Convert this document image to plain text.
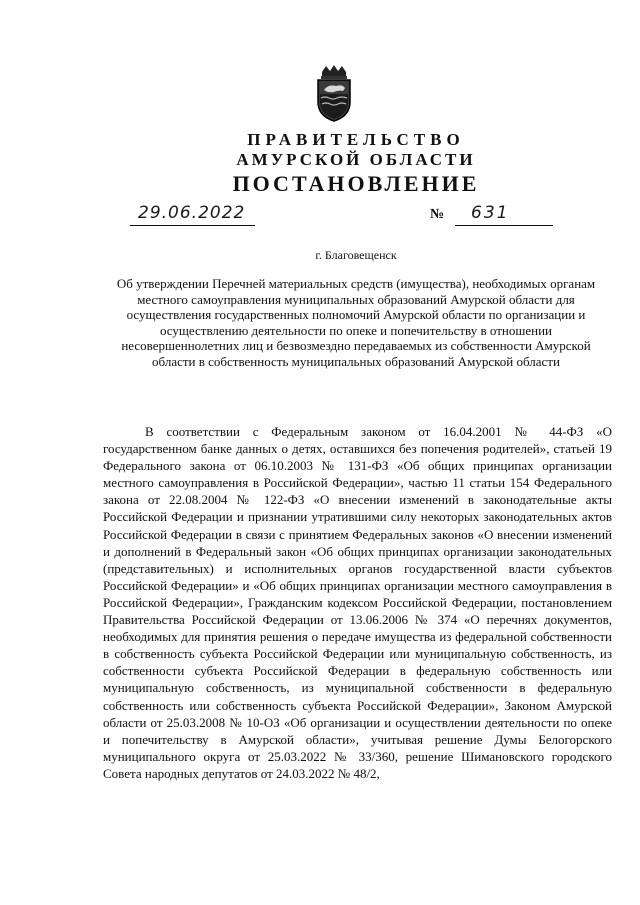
ПРАВИТЕЛЬСТВО
АМУРСКОЙ ОБЛАСТИ
ПОСТАНОВЛЕНИЕ
29.06.2022	№ 631
г. Благовещенск
Об утверждении Перечней материальных средств (имущества), необходимых органам местного самоуправления муниципальных образований Амурской области для осуществления государственных полномочий Амурской области по организации и осуществлению деятельности по опеке и попечительству в отношении несовершеннолетних лиц и безвозмездно передаваемых из собственности Амурской области в собственность муниципальных образований Амурской области

В соответствии с Федеральным законом от 16.04.2001 № 44-ФЗ «О государственном банке данных о детях, оставшихся без попечения родителей», статьей 19 Федерального закона от 06.10.2003 № 131-ФЗ «Об общих принципах организации местного самоуправления в Российской Федерации», частью 11 статьи 154 Федерального закона от 22.08.2004 № 122-ФЗ «О внесении изменений в законодательные акты Российской Федерации и признании утратившими силу некоторых законодательных актов Российской Федерации в связи с принятием Федеральных законов «О внесении изменений и дополнений в Федеральный закон «Об общих принципах организации законодательных (представительных) и исполнительных органов государственной власти субъектов Российской Федерации» и «Об общих принципах организации местного самоуправления в Российской Федерации», Гражданским кодексом Российской Федерации, постановлением Правительства Российской Федерации от 13.06.2006 № 374 «О перечнях документов, необходимых для принятия решения о передаче имущества из федеральной собственности в собственность субъекта Российской Федерации или муниципальную собственность, из собственности субъекта Российской Федерации в федеральную собственность или муниципальную собственность, из муниципальной собственности в федеральную собственность или собственность субъекта Российской Федерации», Законом Амурской области от 25.03.2008 № 10-ОЗ «Об организации и осуществлении деятельности по опеке и попечительству в Амурской области», учитывая решение Думы Белогорского муниципального округа от 25.03.2022 № 33/360, решение Шимановского городского Совета народных депутатов от 24.03.2022 № 48/2,
